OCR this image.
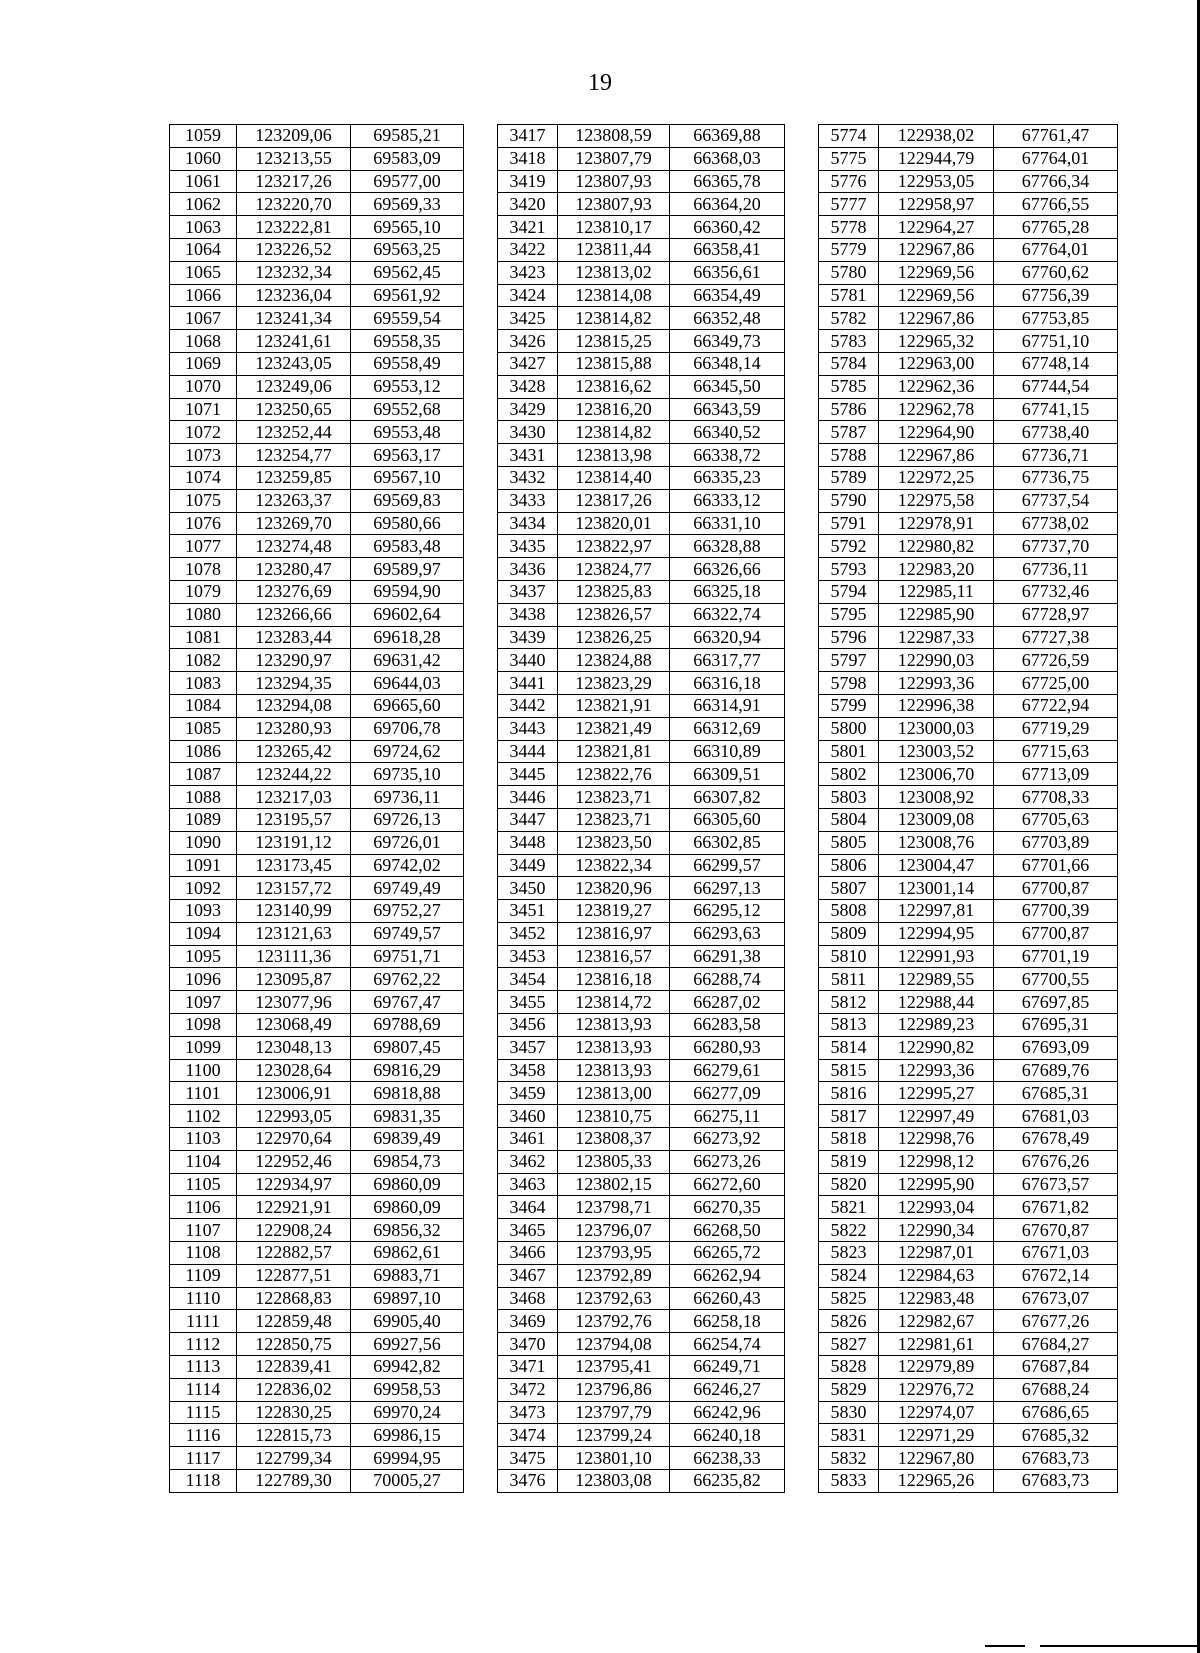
19
1059	123209,06	69585,21		3417	123808,59	66369,88		5774	122938,02	67761,47
1060	123213,55	69583,09		3418	123807,79	66368,03		5775	122944,79	67764,01
1061	123217,26	69577,00		3419	123807,93	66365,78		5776	122953,05	67766,34
1062	123220,70	69569,33		3420	123807,93	66364,20		5777	122958,97	67766,55
1063	123222,81	69565,10		3421	123810,17	66360,42		5778	122964,27	67765,28
1064	123226,52	69563,25		3422	123811,44	66358,41		5779	122967,86	67764,01
1065	123232,34	69562,45		3423	123813,02	66356,61		5780	122969,56	67760,62
1066	123236,04	69561,92		3424	123814,08	66354,49		5781	122969,56	67756,39
1067	123241,34	69559,54		3425	123814,82	66352,48		5782	122967,86	67753,85
1068	123241,61	69558,35		3426	123815,25	66349,73		5783	122965,32	67751,10
1069	123243,05	69558,49		3427	123815,88	66348,14		5784	122963,00	67748,14
1070	123249,06	69553,12		3428	123816,62	66345,50		5785	122962,36	67744,54
1071	123250,65	69552,68		3429	123816,20	66343,59		5786	122962,78	67741,15
1072	123252,44	69553,48		3430	123814,82	66340,52		5787	122964,90	67738,40
1073	123254,77	69563,17		3431	123813,98	66338,72		5788	122967,86	67736,71
1074	123259,85	69567,10		3432	123814,40	66335,23		5789	122972,25	67736,75
1075	123263,37	69569,83		3433	123817,26	66333,12		5790	122975,58	67737,54
1076	123269,70	69580,66		3434	123820,01	66331,10		5791	122978,91	67738,02
1077	123274,48	69583,48		3435	123822,97	66328,88		5792	122980,82	67737,70
1078	123280,47	69589,97		3436	123824,77	66326,66		5793	122983,20	67736,11
1079	123276,69	69594,90		3437	123825,83	66325,18		5794	122985,11	67732,46
1080	123266,66	69602,64		3438	123826,57	66322,74		5795	122985,90	67728,97
1081	123283,44	69618,28		3439	123826,25	66320,94		5796	122987,33	67727,38
1082	123290,97	69631,42		3440	123824,88	66317,77		5797	122990,03	67726,59
1083	123294,35	69644,03		3441	123823,29	66316,18		5798	122993,36	67725,00
1084	123294,08	69665,60		3442	123821,91	66314,91		5799	122996,38	67722,94
1085	123280,93	69706,78		3443	123821,49	66312,69		5800	123000,03	67719,29
1086	123265,42	69724,62		3444	123821,81	66310,89		5801	123003,52	67715,63
1087	123244,22	69735,10		3445	123822,76	66309,51		5802	123006,70	67713,09
1088	123217,03	69736,11		3446	123823,71	66307,82		5803	123008,92	67708,33
1089	123195,57	69726,13		3447	123823,71	66305,60		5804	123009,08	67705,63
1090	123191,12	69726,01		3448	123823,50	66302,85		5805	123008,76	67703,89
1091	123173,45	69742,02		3449	123822,34	66299,57		5806	123004,47	67701,66
1092	123157,72	69749,49		3450	123820,96	66297,13		5807	123001,14	67700,87
1093	123140,99	69752,27		3451	123819,27	66295,12		5808	122997,81	67700,39
1094	123121,63	69749,57		3452	123816,97	66293,63		5809	122994,95	67700,87
1095	123111,36	69751,71		3453	123816,57	66291,38		5810	122991,93	67701,19
1096	123095,87	69762,22		3454	123816,18	66288,74		5811	122989,55	67700,55
1097	123077,96	69767,47		3455	123814,72	66287,02		5812	122988,44	67697,85
1098	123068,49	69788,69		3456	123813,93	66283,58		5813	122989,23	67695,31
1099	123048,13	69807,45		3457	123813,93	66280,93		5814	122990,82	67693,09
1100	123028,64	69816,29		3458	123813,93	66279,61		5815	122993,36	67689,76
1101	123006,91	69818,88		3459	123813,00	66277,09		5816	122995,27	67685,31
1102	122993,05	69831,35		3460	123810,75	66275,11		5817	122997,49	67681,03
1103	122970,64	69839,49		3461	123808,37	66273,92		5818	122998,76	67678,49
1104	122952,46	69854,73		3462	123805,33	66273,26		5819	122998,12	67676,26
1105	122934,97	69860,09		3463	123802,15	66272,60		5820	122995,90	67673,57
1106	122921,91	69860,09		3464	123798,71	66270,35		5821	122993,04	67671,82
1107	122908,24	69856,32		3465	123796,07	66268,50		5822	122990,34	67670,87
1108	122882,57	69862,61		3466	123793,95	66265,72		5823	122987,01	67671,03
1109	122877,51	69883,71		3467	123792,89	66262,94		5824	122984,63	67672,14
1110	122868,83	69897,10		3468	123792,63	66260,43		5825	122983,48	67673,07
1111	122859,48	69905,40		3469	123792,76	66258,18		5826	122982,67	67677,26
1112	122850,75	69927,56		3470	123794,08	66254,74		5827	122981,61	67684,27
1113	122839,41	69942,82		3471	123795,41	66249,71		5828	122979,89	67687,84
1114	122836,02	69958,53		3472	123796,86	66246,27		5829	122976,72	67688,24
1115	122830,25	69970,24		3473	123797,79	66242,96		5830	122974,07	67686,65
1116	122815,73	69986,15		3474	123799,24	66240,18		5831	122971,29	67685,32
1117	122799,34	69994,95		3475	123801,10	66238,33		5832	122967,80	67683,73
1118	122789,30	70005,27		3476	123803,08	66235,82		5833	122965,26	67683,73
